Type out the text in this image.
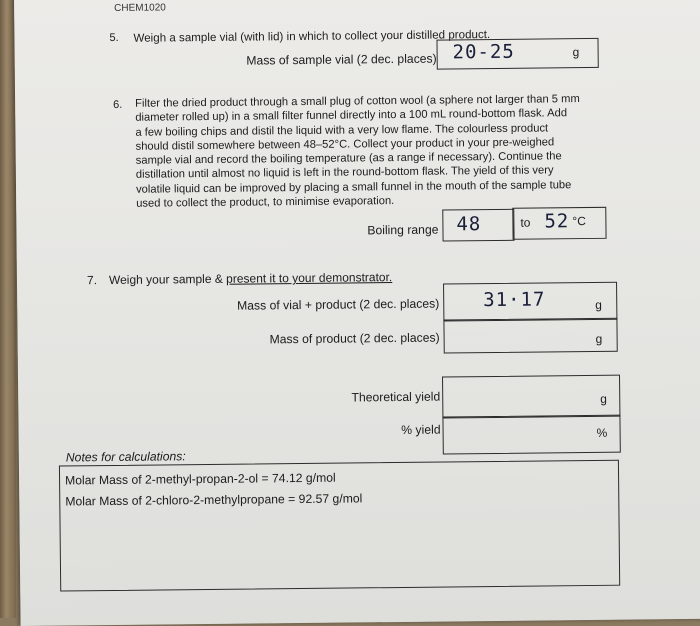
CHEM1020
5. Weigh a sample vial (with lid) in which to collect your distilled product.
Mass of sample vial (2 dec. places) 20-25	g
6. Filter the dried product through a small plug of cotton wool (a sphere not larger than 5 mm
diameter rolled up) in a small filter funnel directly into a 100 mL round-bottom flask. Add
a few boiling chips and distil the liquid with a very low flame. The colourless product
should distil somewhere between 48–52°C. Collect your product in your pre-weighed
sample vial and record the boiling temperature (as a range if necessary). Continue the
distillation until almost no liquid is left in the round-bottom flask. The yield of this very
volatile liquid can be improved by placing a small funnel in the mouth of the sample tube
used to collect the product, to minimise evaporation.
Boiling range 48	to 52 °C
7. Weigh your sample & present it to your demonstrator.
Mass of vial + product (2 dec. places) 31·17	g
Mass of product (2 dec. places)	g
Theoretical yield	g
% yield	%
Notes for calculations:
Molar Mass of 2-methyl-propan-2-ol = 74.12 g/mol
Molar Mass of 2-chloro-2-methylpropane = 92.57 g/mol
